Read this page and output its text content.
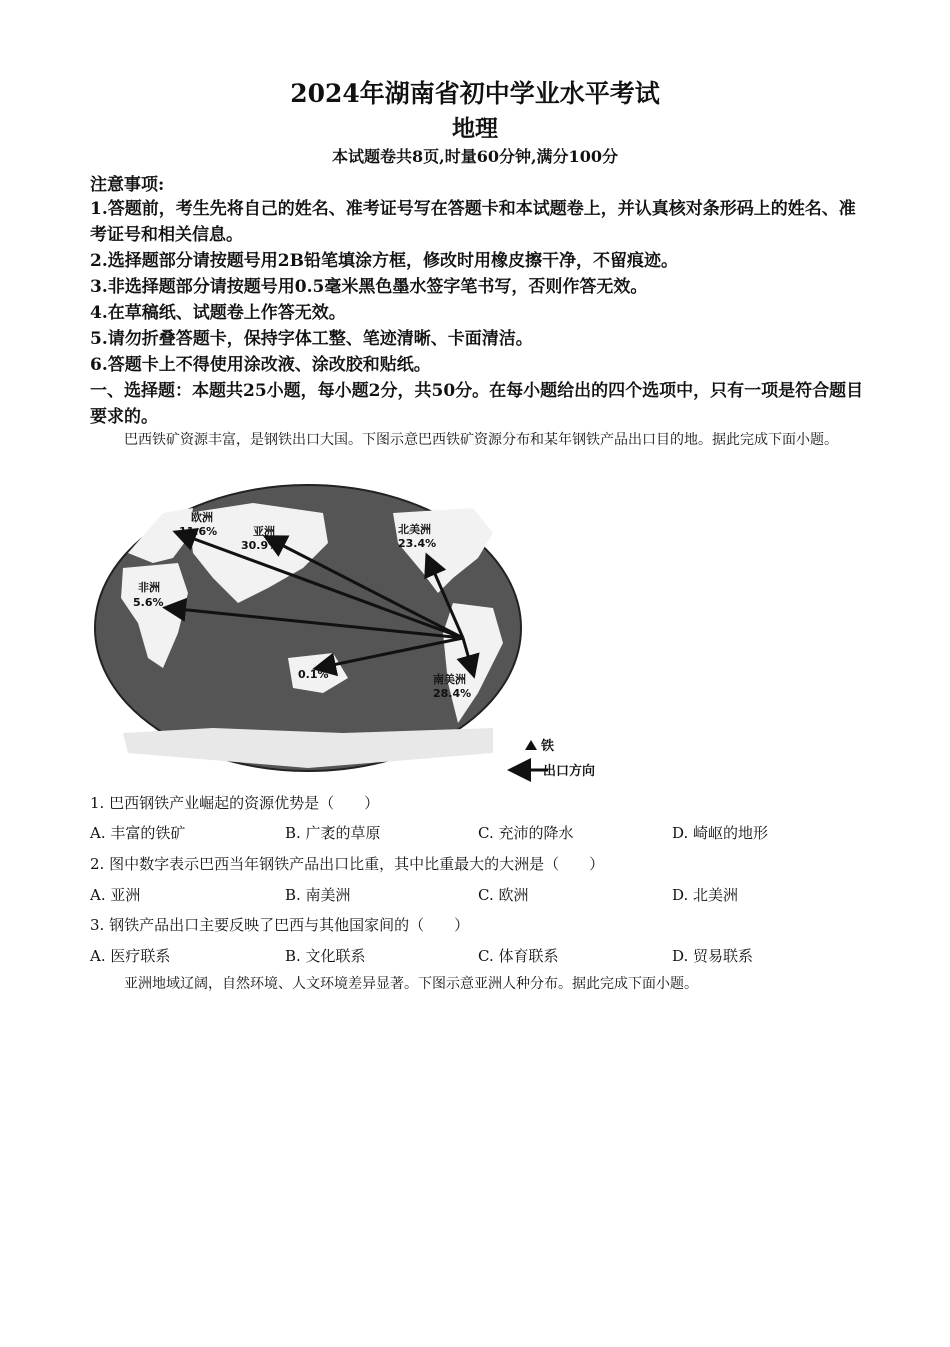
2024年湖南省初中学业水平考试
地理
本试题卷共8页,时量60分钟,满分100分
注意事项:
1.答题前，考生先将自己的姓名、准考证号写在答题卡和本试题卷上，并认真核对条形码上的姓名、准考证号和相关信息。
2.选择题部分请按题号用2B铅笔填涂方框，修改时用橡皮擦干净，不留痕迹。
3.非选择题部分请按题号用0.5毫米黑色墨水签字笔书写，否则作答无效。
4.在草稿纸、试题卷上作答无效。
5.请勿折叠答题卡，保持字体工整、笔迹清晰、卡面清洁。
6.答题卡上不得使用涂改液、涂改胶和贴纸。
一、选择题：本题共25小题，每小题2分，共50分。在每小题给出的四个选项中，只有一项是符合题目要求的。
巴西铁矿资源丰富，是钢铁出口大国。下图示意巴西铁矿资源分布和某年钢铁产品出口目的地。据此完成下面小题。
欧洲
11.6%	亚洲
30.9%
北美洲
23.4%
非洲
5.6%
0.1%	南美洲
28.4%
铁
出口方向
1. 巴西钢铁产业崛起的资源优势是（　　）
A. 丰富的铁矿	B. 广袤的草原	C. 充沛的降水	D. 崎岖的地形
2. 图中数字表示巴西当年钢铁产品出口比重，其中比重最大的大洲是（　　）
A. 亚洲	B. 南美洲	C. 欧洲	D. 北美洲
3. 钢铁产品出口主要反映了巴西与其他国家间的（　　）
A. 医疗联系	B. 文化联系	C. 体育联系	D. 贸易联系
亚洲地域辽阔，自然环境、人文环境差异显著。下图示意亚洲人种分布。据此完成下面小题。
